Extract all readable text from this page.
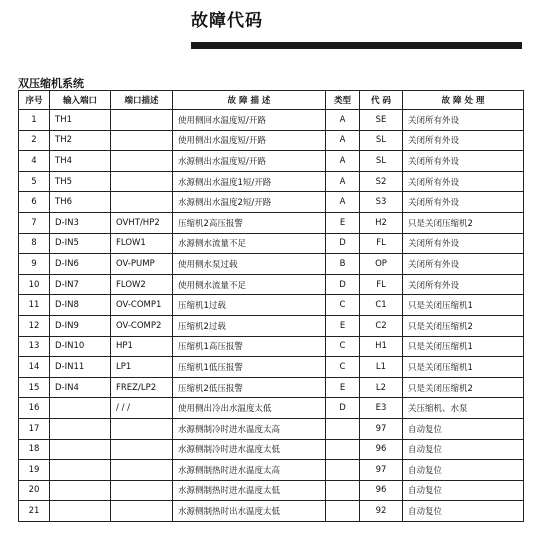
故障代码
双压缩机系统
序号	输入端口	端口描述	故 障 描 述	类型	代 码	故 障 处 理
1	TH1		使用侧回水温度短/开路	A	SE	关闭所有外设
2	TH2		使用侧出水温度短/开路	A	SL	关闭所有外设
4	TH4		水源侧出水温度短/开路	A	SL	关闭所有外设
5	TH5		水源侧出水温度1短/开路	A	S2	关闭所有外设
6	TH6		水源侧出水温度2短/开路	A	S3	关闭所有外设
7	D-IN3	OVHT/HP2	压缩机2高压报警	E	H2	只是关闭压缩机2
8	D-IN5	FLOW1	水源侧水流量不足	D	FL	关闭所有外设
9	D-IN6	OV-PUMP	使用侧水泵过载	B	OP	关闭所有外设
10	D-IN7	FLOW2	使用侧水流量不足	D	FL	关闭所有外设
11	D-IN8	OV-COMP1	压缩机1过载	C	C1	只是关闭压缩机1
12	D-IN9	OV-COMP2	压缩机2过载	E	C2	只是关闭压缩机2
13	D-IN10	HP1	压缩机1高压报警	C	H1	只是关闭压缩机1
14	D-IN11	LP1	压缩机1低压报警	C	L1	只是关闭压缩机1
15	D-IN4	FREZ/LP2	压缩机2低压报警	E	L2	只是关闭压缩机2
16		/ / /	使用侧出冷出水温度太低	D	E3	关压缩机、水泵
17			水源侧制冷时进水温度太高		97	自动复位
18			水源侧制冷时进水温度太低		96	自动复位
19			水源侧制热时进水温度太高		97	自动复位
20			水源侧制热时进水温度太低		96	自动复位
21			水源侧制热时出水温度太低		92	自动复位
